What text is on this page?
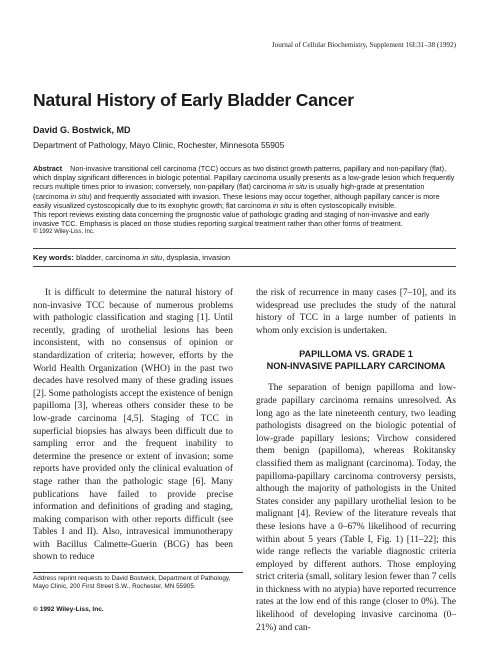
Journal of Cellular Biochemistry, Supplement 16I:31–38 (1992)
Natural History of Early Bladder Cancer
David G. Bostwick, MD
Department of Pathology, Mayo Clinic, Rochester, Minnesota 55905

Abstract Non-invasive transitional cell carcinoma (TCC) occurs as two distinct growth patterns, papillary and non-papillary (flat), which display significant differences in biologic potential. Papillary carcinoma usually presents as a low-grade lesion which frequently recurs multiple times prior to invasion; conversely, non-papillary (flat) carcinoma in situ is usually high-grade at presentation (carcinoma in situ) and frequently associated with invasion. These lesions may occur together, although papillary cancer is more easily visualized cystoscopically due to its exophytic growth; flat carcinoma in situ is often cystoscopically invisible.

This report reviews existing data concerning the prognostic value of pathologic grading and staging of non-invasive and early invasive TCC. Emphasis is placed on those studies reporting surgical treatment rather than other forms of treatment.

© 1992 Wiley-Liss, Inc.

Key words: bladder, carcinoma in situ, dysplasia, invasion

It is difficult to determine the natural history of non-invasive TCC because of numerous problems with pathologic classification and staging [1]. Until recently, grading of urothelial lesions has been inconsistent, with no consensus of opinion or standardization of criteria; however, efforts by the World Health Organization (WHO) in the past two decades have resolved many of these grading issues [2]. Some pathologists accept the existence of benign papilloma [3], whereas others consider these to be low-grade carcinoma [4,5]. Staging of TCC in superficial biopsies has always been difficult due to sampling error and the frequent inability to determine the presence or extent of invasion; some reports have provided only the clinical evaluation of stage rather than the pathologic stage [6]. Many publications have failed to provide precise information and definitions of grading and staging, making comparison with other reports difficult (see Tables I and II). Also, intravesical immunotherapy with Bacillus Calmette-Guerin (BCG) has been shown to reduce

the risk of recurrence in many cases [7–10], and its widespread use precludes the study of the natural history of TCC in a large number of patients in whom only excision is undertaken.

PAPILLOMA VS. GRADE 1
NON-INVASIVE PAPILLARY CARCINOMA

The separation of benign papilloma and low-grade papillary carcinoma remains unresolved. As long ago as the late nineteenth century, two leading pathologists disagreed on the biologic potential of low-grade papillary lesions; Virchow considered them benign (papilloma), whereas Rokitansky classified them as malignant (carcinoma). Today, the papilloma-papillary carcinoma controversy persists, although the majority of pathologists in the United States consider any papillary urothelial lesion to be malignant [4]. Review of the literature reveals that these lesions have a 0–67% likelihood of recurring within about 5 years (Table I, Fig. 1) [11–22]; this wide range reflects the variable diagnostic criteria employed by different authors. Those employing strict criteria (small, solitary lesion fewer than 7 cells in thickness with no atypia) have reported recurrence rates at the low end of this range (closer to 0%). The likelihood of developing invasive carcinoma (0–21%) and can-

Address reprint requests to David Bostwick, Department of Pathology, Mayo Clinic, 200 First Street S.W., Rochester, MN 55905.
© 1992 Wiley-Liss, Inc.
